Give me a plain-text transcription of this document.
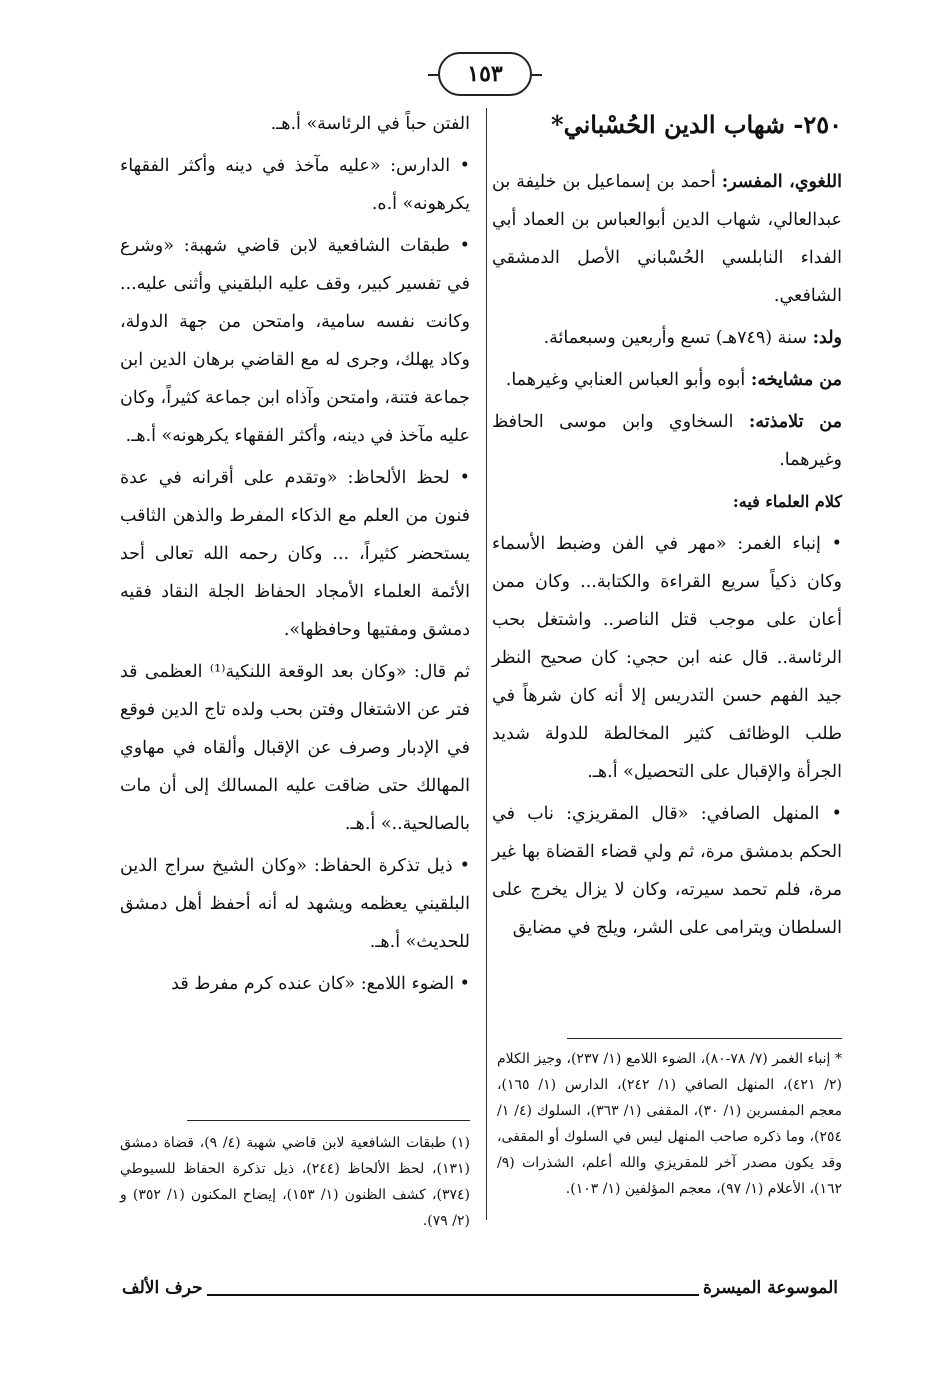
١٥٣

٢٥٠- شهاب الدين الحُسْباني*

اللغوي، المفسر: أحمد بن إسماعيل بن خليفة بن عبدالعالي، شهاب الدين أبوالعباس بن العماد أبي الفداء النابلسي الحُسْباني الأصل الدمشقي الشافعي.

ولد: سنة (٧٤٩هـ) تسع وأربعين وسبعمائة.

من مشايخه: أبوه وأبو العباس العنابي وغيرهما.

من تلامذته: السخاوي وابن موسى الحافظ وغيرهما.

كلام العلماء فيه:

• إنباء الغمر: «مهر في الفن وضبط الأسماء وكان ذكياً سريع القراءة والكتابة... وكان ممن أعان على موجب قتل الناصر.. واشتغل بحب الرئاسة.. قال عنه ابن حجي: كان صحيح النظر جيد الفهم حسن التدريس إلا أنه كان شرهاً في طلب الوظائف كثير المخالطة للدولة شديد الجرأة والإقبال على التحصيل» أ.هـ.

• المنهل الصافي: «قال المقريزي: ناب في الحكم بدمشق مرة، ثم ولي قضاء القضاة بها غير مرة، فلم تحمد سيرته، وكان لا يزال يخرج على السلطان ويترامى على الشر، ويلج في مضايق

الفتن حباً في الرئاسة» أ.هـ.

• الدارس: «عليه مآخذ في دينه وأكثر الفقهاء يكرهونه» أ.ه.

• طبقات الشافعية لابن قاضي شهبة: «وشرع في تفسير كبير، وقف عليه البلقيني وأثنى عليه... وكانت نفسه سامية، وامتحن من جهة الدولة، وكاد يهلك، وجرى له مع القاضي برهان الدين ابن جماعة فتنة، وامتحن وآذاه ابن جماعة كثيراً، وكان عليه مآخذ في دينه، وأكثر الفقهاء يكرهونه» أ.هـ.

• لحظ الألحاظ: «وتقدم على أقرانه في عدة فنون من العلم مع الذكاء المفرط والذهن الثاقب يستحضر كثيراً، ... وكان رحمه الله تعالى أحد الأئمة العلماء الأمجاد الحفاظ الجلة النقاد فقيه دمشق ومفتيها وحافظها».

ثم قال: «وكان بعد الوقعة اللنكية⁽¹⁾ العظمى قد فتر عن الاشتغال وفتن بحب ولده تاج الدين فوقع في الإدبار وصرف عن الإقبال وألقاه في مهاوي المهالك حتى ضاقت عليه المسالك إلى أن مات بالصالحية..» أ.هـ.

• ذيل تذكرة الحفاظ: «وكان الشيخ سراج الدين البلقيني يعظمه ويشهد له أنه أحفظ أهل دمشق للحديث» أ.هـ.

• الضوء اللامع: «كان عنده كرم مفرط قد

* إنباء الغمر (٧/ ٧٨-٨٠)، الضوء اللامع (١/ ٢٣٧)، وجيز الكلام (٢/ ٤٢١)، المنهل الصافي (١/ ٢٤٢)، الدارس (١/ ١٦٥)، معجم المفسرين (١/ ٣٠)، المقفى (١/ ٣٦٣)، السلوك (٤/ ١/ ٢٥٤)، وما ذكره صاحب المنهل ليس في السلوك أو المقفى، وقد يكون مصدر آخر للمقريزي والله أعلم، الشذرات (٩/ ١٦٢)، الأعلام (١/ ٩٧)، معجم المؤلفين (١/ ١٠٣).
(١) طبقات الشافعية لابن قاضي شهبة (٤/ ٩)، قضاة دمشق (١٣١)، لحظ الألحاظ (٢٤٤)، ذيل تذكرة الحفاظ للسيوطي (٣٧٤)، كشف الظنون (١/ ١٥٣)، إيضاح المكنون (١/ ٣٥٢) و (٢/ ٧٩).
الموسوعة الميسرة
حرف الألف
